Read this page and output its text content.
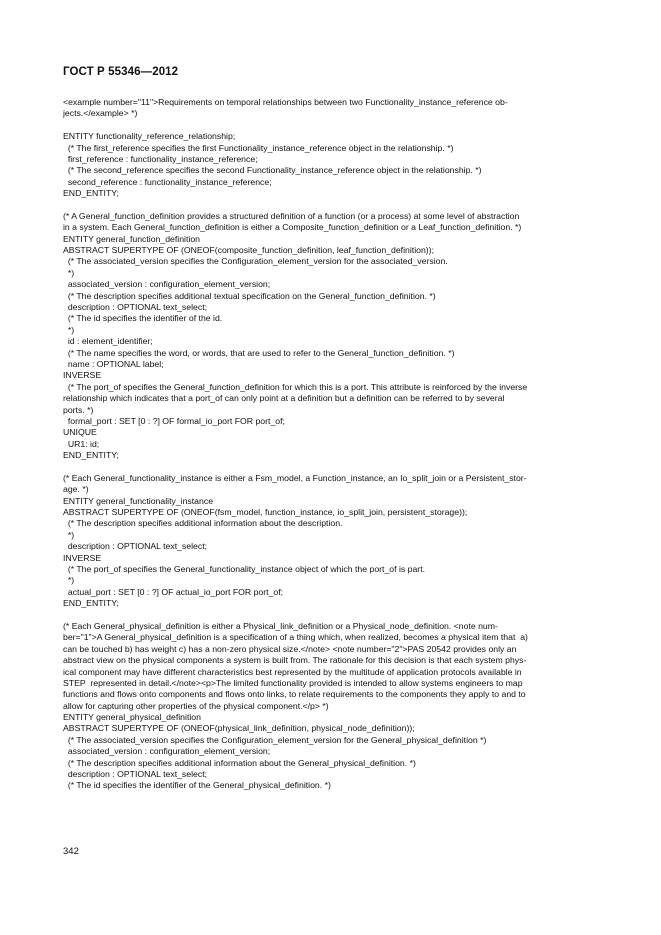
ГОСТ Р 55346—2012
<example number="11">Requirements on temporal relationships between two Functionality_instance_reference ob-
jects.</example> *)
ENTITY functionality_reference_relationship;
(* The first_reference specifies the first Functionality_instance_reference object in the relationship. *)
first_reference : functionality_instance_reference;
(* The second_reference specifies the second Functionality_instance_reference object in the relationship. *)
second_reference : functionality_instance_reference;
END_ENTITY;
(* A General_function_definition provides a structured definition of a function (or a process) at some level of abstraction
in a system. Each General_function_definition is either a Composite_function_definition or a Leaf_function_definition. *)
ENTITY general_function_definition
ABSTRACT SUPERTYPE OF (ONEOF(composite_function_definition, leaf_function_definition));
(* The associated_version specifies the Configuration_element_version for the associated_version.
*)
associated_version : configuration_element_version;
(* The description specifies additional textual specification on the General_function_definition. *)
description : OPTIONAL text_select;
(* The id specifies the identifier of the id.
*)
id : element_identifier;
(* The name specifies the word, or words, that are used to refer to the General_function_definition. *)
name : OPTIONAL label;
INVERSE
(* The port_of specifies the General_function_definition for which this is a port. This attribute is reinforced by the inverse
relationship which indicates that a port_of can only point at a definition but a definition can be referred to by several
ports. *)
formal_port : SET [0 : ?] OF formal_io_port FOR port_of;
UNIQUE
UR1: id;
END_ENTITY;
(* Each General_functionality_instance is either a Fsm_model, a Function_instance, an Io_split_join or a Persistent_stor-
age. *)
ENTITY general_functionality_instance
ABSTRACT SUPERTYPE OF (ONEOF(fsm_model, function_instance, io_split_join, persistent_storage));
(* The description specifies additional information about the description.
*)
description : OPTIONAL text_select;
INVERSE
(* The port_of specifies the General_functionality_instance object of which the port_of is part.
*)
actual_port : SET [0 : ?] OF actual_io_port FOR port_of;
END_ENTITY;
(* Each General_physical_definition is either a Physical_link_definition or a Physical_node_definition. <note num-
ber="1">A General_physical_definition is a specification of a thing which, when realized, becomes a physical item that  a)
can be touched b) has weight c) has a non-zero physical size.</note> <note number="2">PAS 20542 provides only an
abstract view on the physical components a system is built from. The rationale for this decision is that each system phys-
ical component may have different characteristics best represented by the multitude of application protocols available in
STEP  represented in detail.</note><p>The limited functionality provided is intended to allow systems engineers to map
functions and flows onto components and flows onto links, to relate requirements to the components they apply to and to
allow for capturing other properties of the physical component.</p> *)
ENTITY general_physical_definition
ABSTRACT SUPERTYPE OF (ONEOF(physical_link_definition, physical_node_definition));
(* The associated_version specifies the Configuration_element_version for the General_physical_definition *)
associated_version : configuration_element_version;
(* The description specifies additional information about the General_physical_definition. *)
description : OPTIONAL text_select;
(* The id specifies the identifier of the General_physical_definition. *)
342
